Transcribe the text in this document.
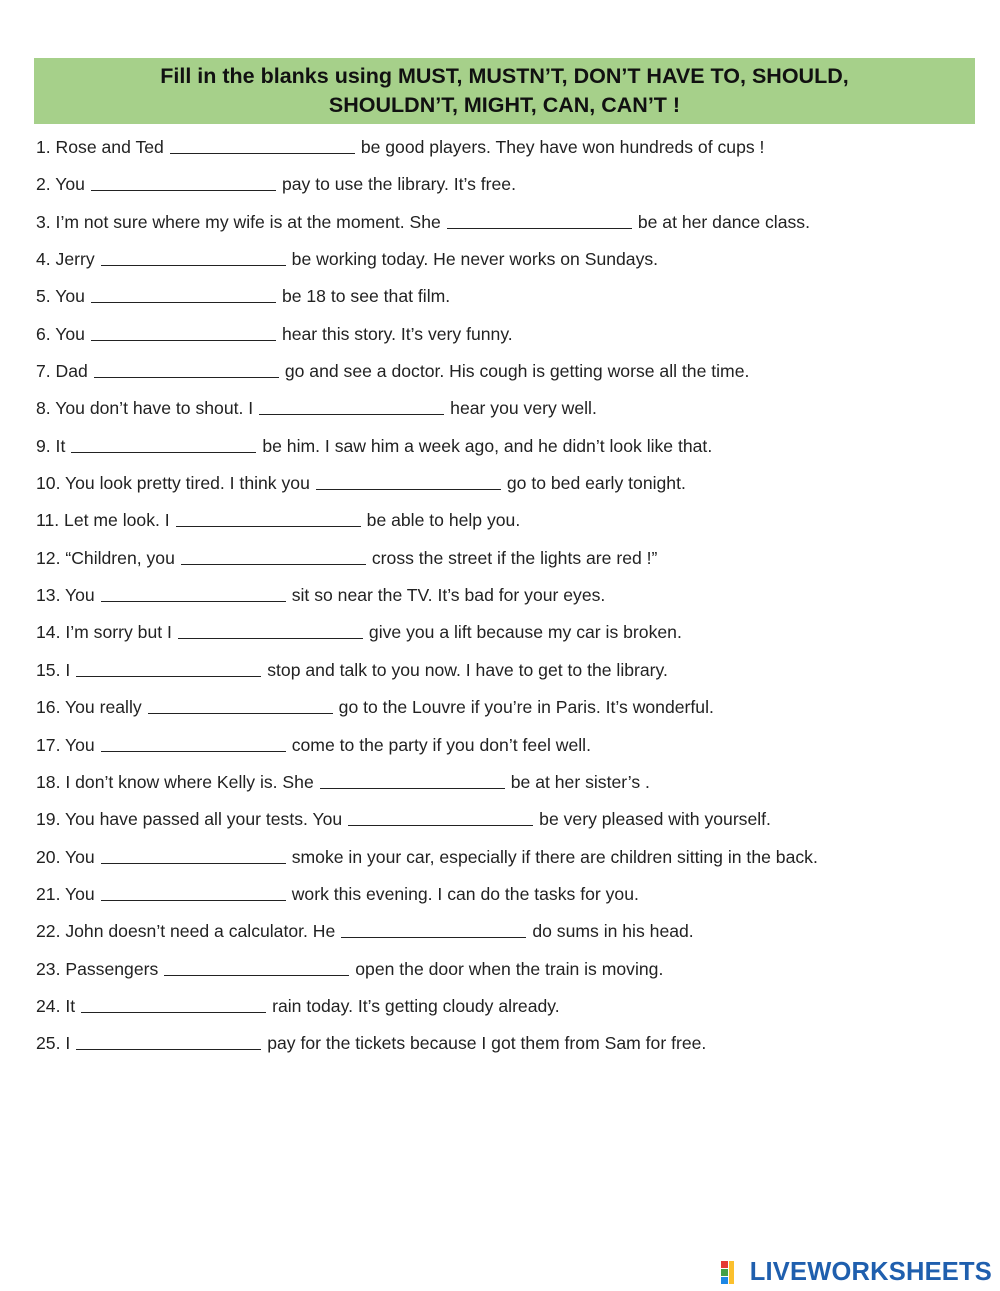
Fill in the blanks using MUST, MUSTN’T, DON’T HAVE TO, SHOULD,
SHOULDN’T, MIGHT, CAN, CAN’T !
1. Rose and Ted	be good players. They have won hundreds of cups !
2. You	pay to use the library. It’s free.
3. I’m not sure where my wife is at the moment. She	be at her dance class.
4. Jerry	be working today. He never works on Sundays.
5. You	be 18 to see that film.
6. You	hear this story. It’s very funny.
7. Dad	go and see a doctor. His cough is getting worse all the time.
8. You don’t have to shout. I	hear you very well.
9. It	be him. I saw him a week ago, and he didn’t look like that.
10. You look pretty tired. I think you	go to bed early tonight.
11. Let me look. I	be able to help you.
12. “Children, you	cross the street if the lights are red !”
13. You	sit so near the TV. It’s bad for your eyes.
14. I’m sorry but I	give you a lift because my car is broken.
15. I	stop and talk to you now. I have to get to the library.
16. You really	go to the Louvre if you’re in Paris. It’s wonderful.
17. You	come to the party if you don’t feel well.
18. I don’t know where Kelly is. She	be at her sister’s .
19. You have passed all your tests. You	be very pleased with yourself.
20. You	smoke in your car, especially if there are children sitting in the back.
21. You	work this evening. I can do the tasks for you.
22. John doesn’t need a calculator. He	do sums in his head.
23. Passengers	open the door when the train is moving.
24. It	rain today. It’s getting cloudy already.
25. I	pay for the tickets because I got them from Sam for free.
LIVEWORKSHEETS
